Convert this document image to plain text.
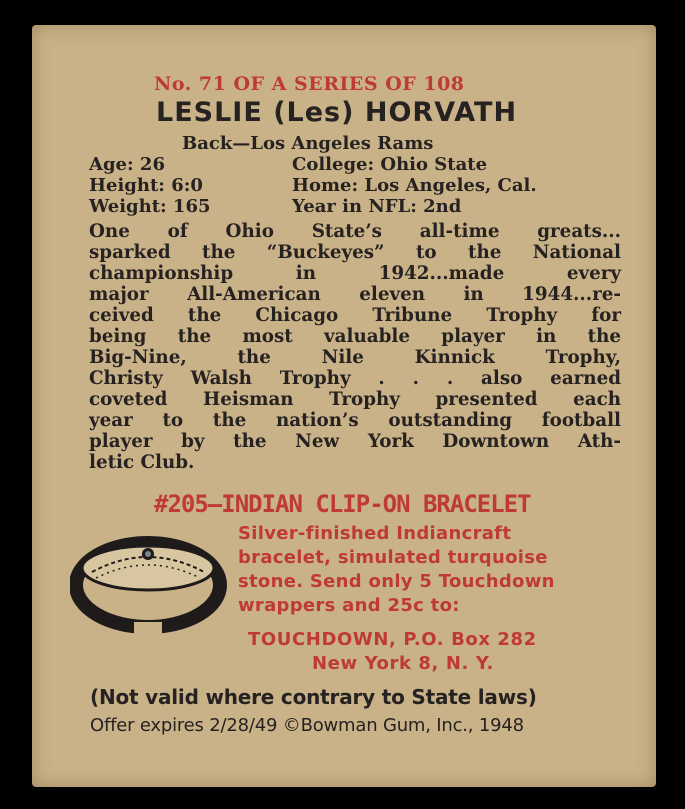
No. 71 OF A SERIES OF 108
LESLIE (Les) HORVATH
Back—Los Angeles Rams
Age: 26
Height: 6:0
Weight: 165
College: Ohio State
Home: Los Angeles, Cal.
Year in NFL: 2nd
One of Ohio State’s all-time greats...
sparked the “Buckeyes” to the National
championship in 1942...made every
major All-American eleven in 1944...re-
ceived the Chicago Tribune Trophy for
being the most valuable player in the
Big-Nine, the Nile Kinnick Trophy,
Christy Walsh Trophy . . . also earned
coveted Heisman Trophy presented each
year to the nation’s outstanding football
player by the New York Downtown Ath-
letic Club.
#205—INDIAN CLIP-ON BRACELET
Silver-finished Indiancraft
bracelet, simulated turquoise
stone. Send only 5 Touchdown
wrappers and 25c to:
TOUCHDOWN, P.O. Box 282
New York 8, N. Y.
(Not valid where contrary to State laws)
Offer expires 2/28/49 ©Bowman Gum, Inc., 1948
